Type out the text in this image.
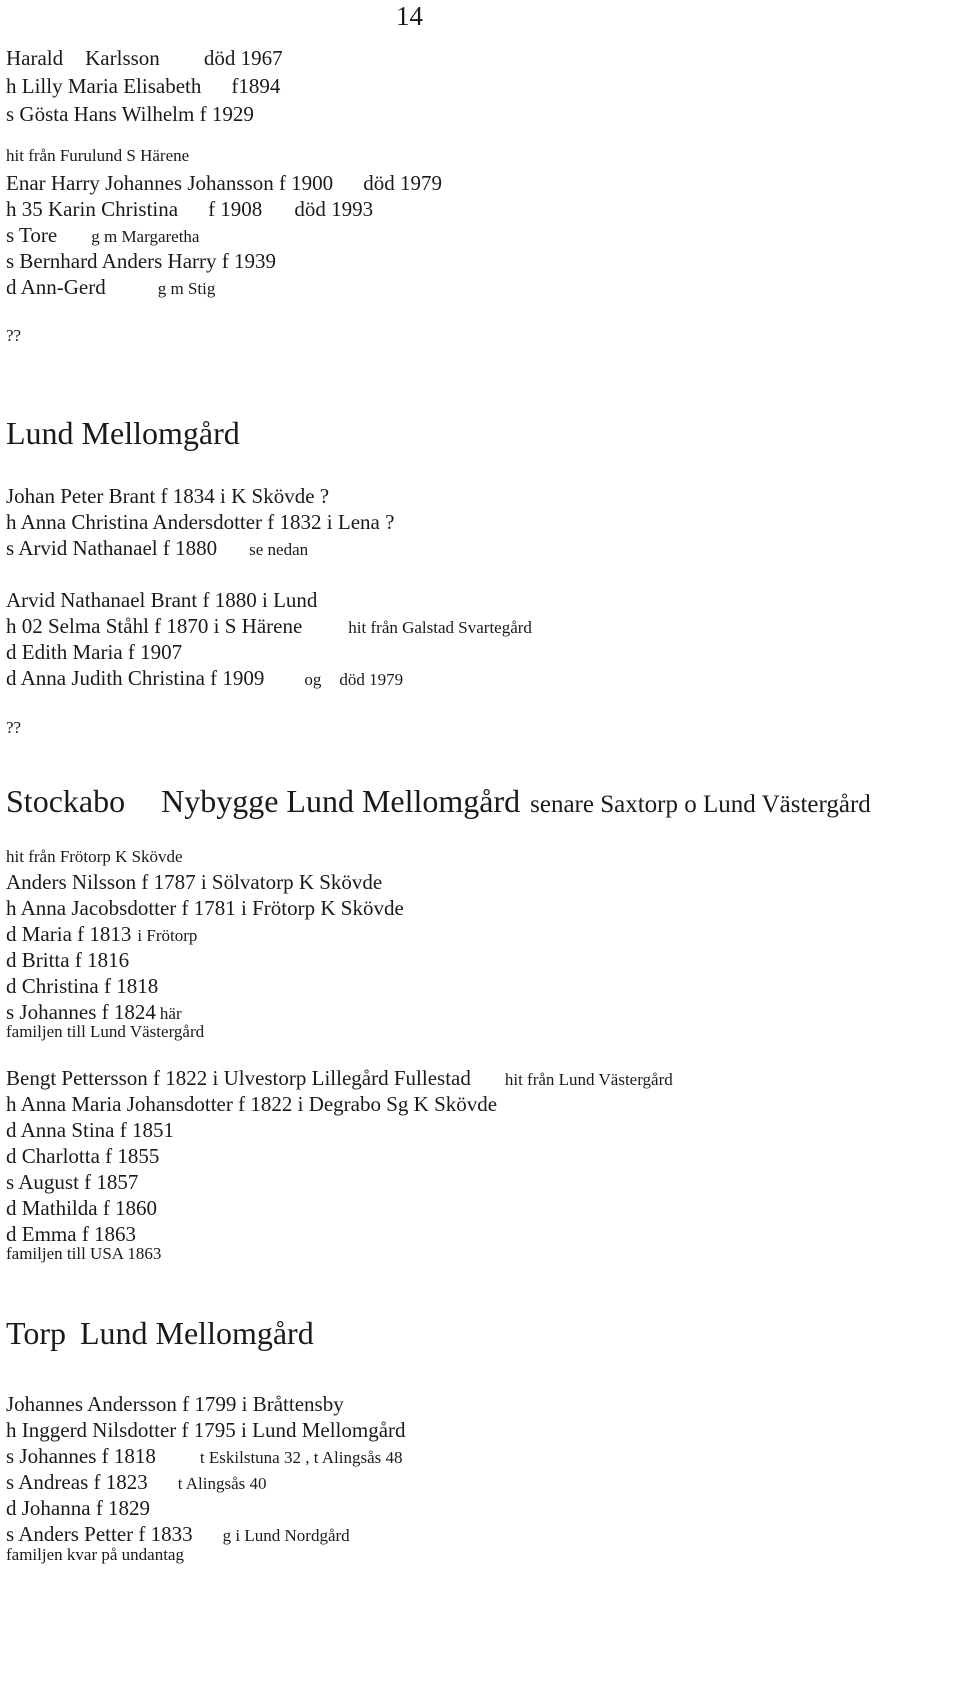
14
Harald Karlsson död 1967
h Lilly Maria Elisabeth f1894
s Gösta Hans Wilhelm f 1929
hit från Furulund S Härene
Enar Harry Johannes Johansson f 1900 död 1979
h 35 Karin Christina f 1908 död 1993
s Tore g m Margaretha
s Bernhard Anders Harry f 1939
d Ann-Gerd	g m Stig
??
Lund Mellomgård
Johan Peter Brant f 1834 i K Skövde ?
h Anna Christina Andersdotter f 1832 i Lena ?
s Arvid Nathanael f 1880 se nedan
Arvid Nathanael Brant f 1880 i Lund
h 02 Selma Ståhl f 1870 i S Härene	hit från Galstad Svartegård
d Edith Maria f 1907
d Anna Judith Christina f 1909 og död 1979
??
Stockabo Nybygge Lund Mellomgård senare Saxtorp o Lund Västergård
hit från Frötorp K Skövde
Anders Nilsson f 1787 i Sölvatorp K Skövde
h Anna Jacobsdotter f 1781 i Frötorp K Skövde
d Maria f 1813 i Frötorp
d Britta f 1816
d Christina f 1818
s Johannes f 1824 här
familjen till Lund Västergård
Bengt Pettersson f 1822 i Ulvestorp Lillegård Fullestad hit från Lund Västergård
h Anna Maria Johansdotter f 1822 i Degrabo Sg K Skövde
d Anna Stina f 1851
d Charlotta f 1855
s August f 1857
d Mathilda f 1860
d Emma f 1863
familjen till USA 1863
Torp Lund Mellomgård
Johannes Andersson f 1799 i Bråttensby
h Inggerd Nilsdotter f 1795 i Lund Mellomgård
s Johannes f 1818	t Eskilstuna 32 , t Alingsås 48
s Andreas f 1823 t Alingsås 40
d Johanna f 1829
s Anders Petter f 1833 g i Lund Nordgård
familjen kvar på undantag
